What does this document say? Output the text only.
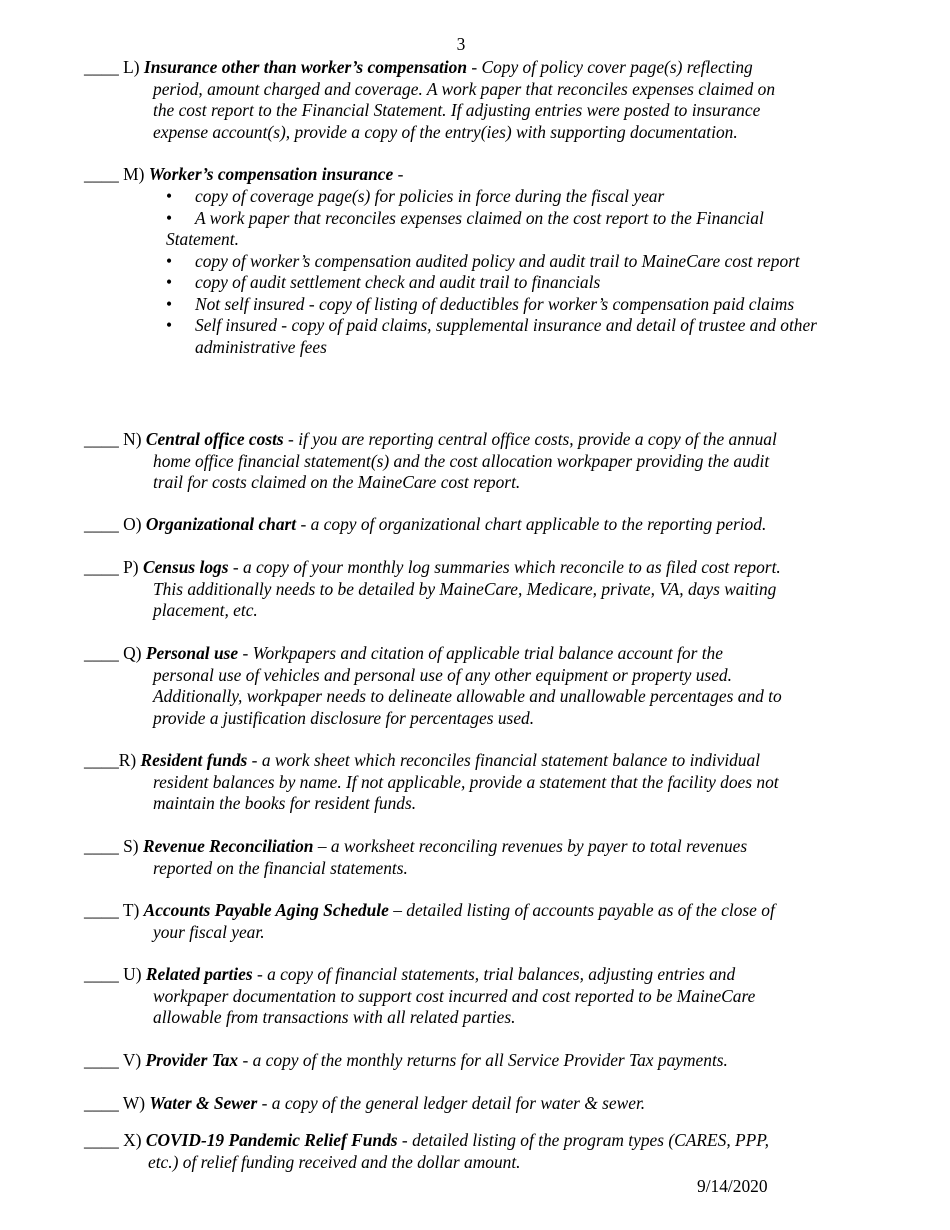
3
____ L) Insurance other than worker’s compensation - Copy of policy cover page(s) reflecting
period, amount charged and coverage. A work paper that reconciles expenses claimed on
the cost report to the Financial Statement. If adjusting entries were posted to insurance
expense account(s), provide a copy of the entry(ies) with supporting documentation.
____ M) Worker’s compensation insurance -
• copy of coverage page(s) for policies in force during the fiscal year
• A work paper that reconciles expenses claimed on the cost report to the Financial Statement.
• copy of worker’s compensation audited policy and audit trail to MaineCare cost report
• copy of audit settlement check and audit trail to financials
• Not self insured - copy of listing of deductibles for worker’s compensation paid claims
• Self insured - copy of paid claims, supplemental insurance and detail of trustee and other administrative fees
____ N) Central office costs - if you are reporting central office costs, provide a copy of the annual
home office financial statement(s) and the cost allocation workpaper providing the audit
trail for costs claimed on the MaineCare cost report.
____ O) Organizational chart - a copy of organizational chart applicable to the reporting period.
____ P) Census logs - a copy of your monthly log summaries which reconcile to as filed cost report.
This additionally needs to be detailed by MaineCare, Medicare, private, VA, days waiting
placement, etc.
____ Q) Personal use - Workpapers and citation of applicable trial balance account for the
personal use of vehicles and personal use of any other equipment or property used.
Additionally, workpaper needs to delineate allowable and unallowable percentages and to
provide a justification disclosure for percentages used.
____R) Resident funds - a work sheet which reconciles financial statement balance to individual
resident balances by name. If not applicable, provide a statement that the facility does not
maintain the books for resident funds.
____ S) Revenue Reconciliation – a worksheet reconciling revenues by payer to total revenues
reported on the financial statements.
____ T) Accounts Payable Aging Schedule – detailed listing of accounts payable as of the close of
your fiscal year.
____ U) Related parties - a copy of financial statements, trial balances, adjusting entries and
workpaper documentation to support cost incurred and cost reported to be MaineCare
allowable from transactions with all related parties.
____ V) Provider Tax - a copy of the monthly returns for all Service Provider Tax payments.
____ W) Water & Sewer - a copy of the general ledger detail for water & sewer.
____ X) COVID-19 Pandemic Relief Funds - detailed listing of the program types (CARES, PPP,
etc.) of relief funding received and the dollar amount.
9/14/2020
